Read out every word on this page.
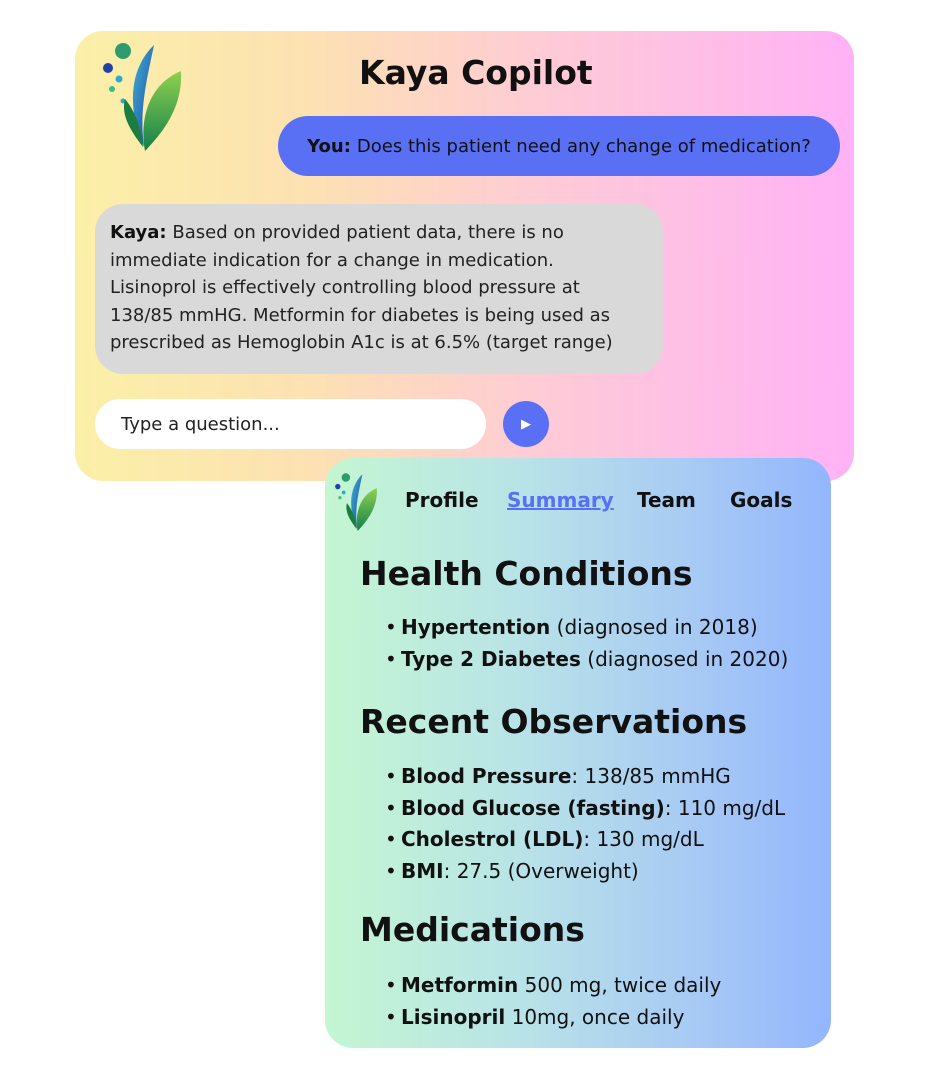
Kaya Copilot
You: Does this patient need any change of medication?
Kaya: Based on provided patient data, there is no
immediate indication for a change in medication.
Lisinoprol is effectively controlling blood pressure at
138/85 mmHG. Metformin for diabetes is being used as
prescribed as Hemoglobin A1c is at 6.5% (target range)
Type a question...	▶
Profile Summary Team Goals
Health Conditions
• Hypertention (diagnosed in 2018)
• Type 2 Diabetes (diagnosed in 2020)
Recent Observations
• Blood Pressure: 138/85 mmHG
• Blood Glucose (fasting): 110 mg/dL
• Cholestrol (LDL): 130 mg/dL
• BMI: 27.5 (Overweight)
Medications
• Metformin 500 mg, twice daily
• Lisinopril 10mg, once daily
